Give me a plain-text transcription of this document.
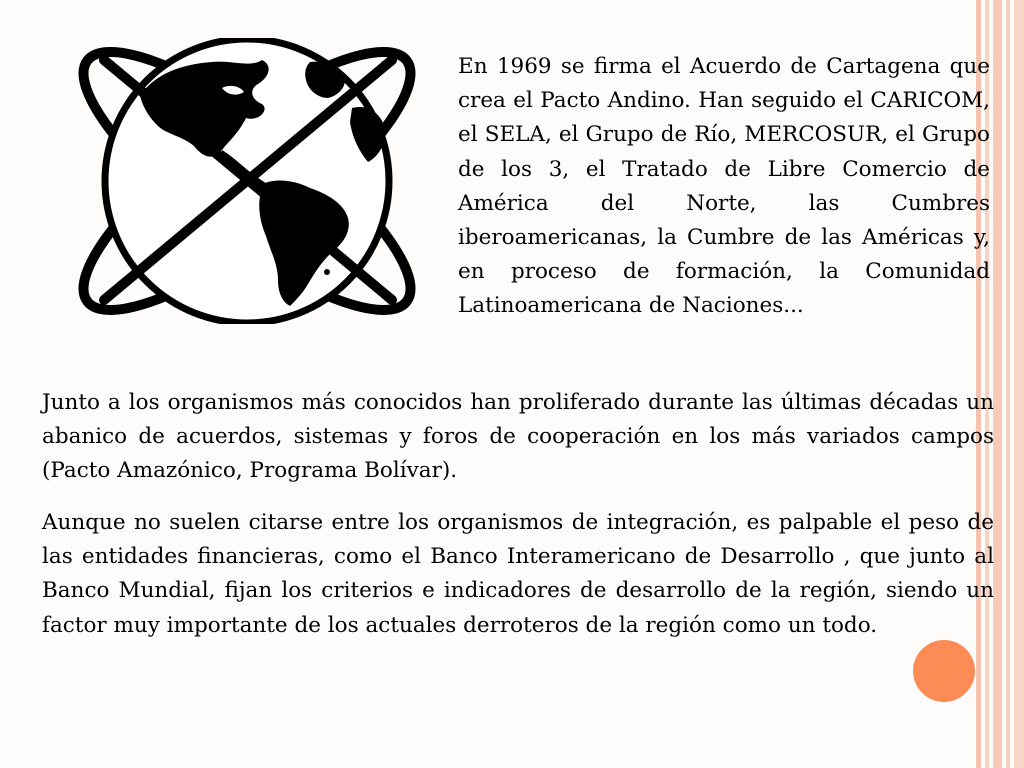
En 1969 se firma el Acuerdo de Cartagena que crea el Pacto Andino. Han seguido el CARICOM, el SELA, el Grupo de Río, MERCOSUR, el Grupo de los 3, el Tratado de Libre Comercio de América del Norte, las Cumbres iberoamericanas, la Cumbre de las Américas y, en proceso de formación, la Comunidad Latinoamericana de Naciones...

Junto a los organismos más conocidos han proliferado durante las últimas décadas un abanico de acuerdos, sistemas y foros de cooperación en los más variados campos (Pacto Amazónico, Programa Bolívar).

Aunque no suelen citarse entre los organismos de integración, es palpable el peso de las entidades financieras, como el Banco Interamericano de Desarrollo , que junto al Banco Mundial, fijan los criterios e indicadores de desarrollo de la región, siendo un factor muy importante de los actuales derroteros de la región como un todo.
